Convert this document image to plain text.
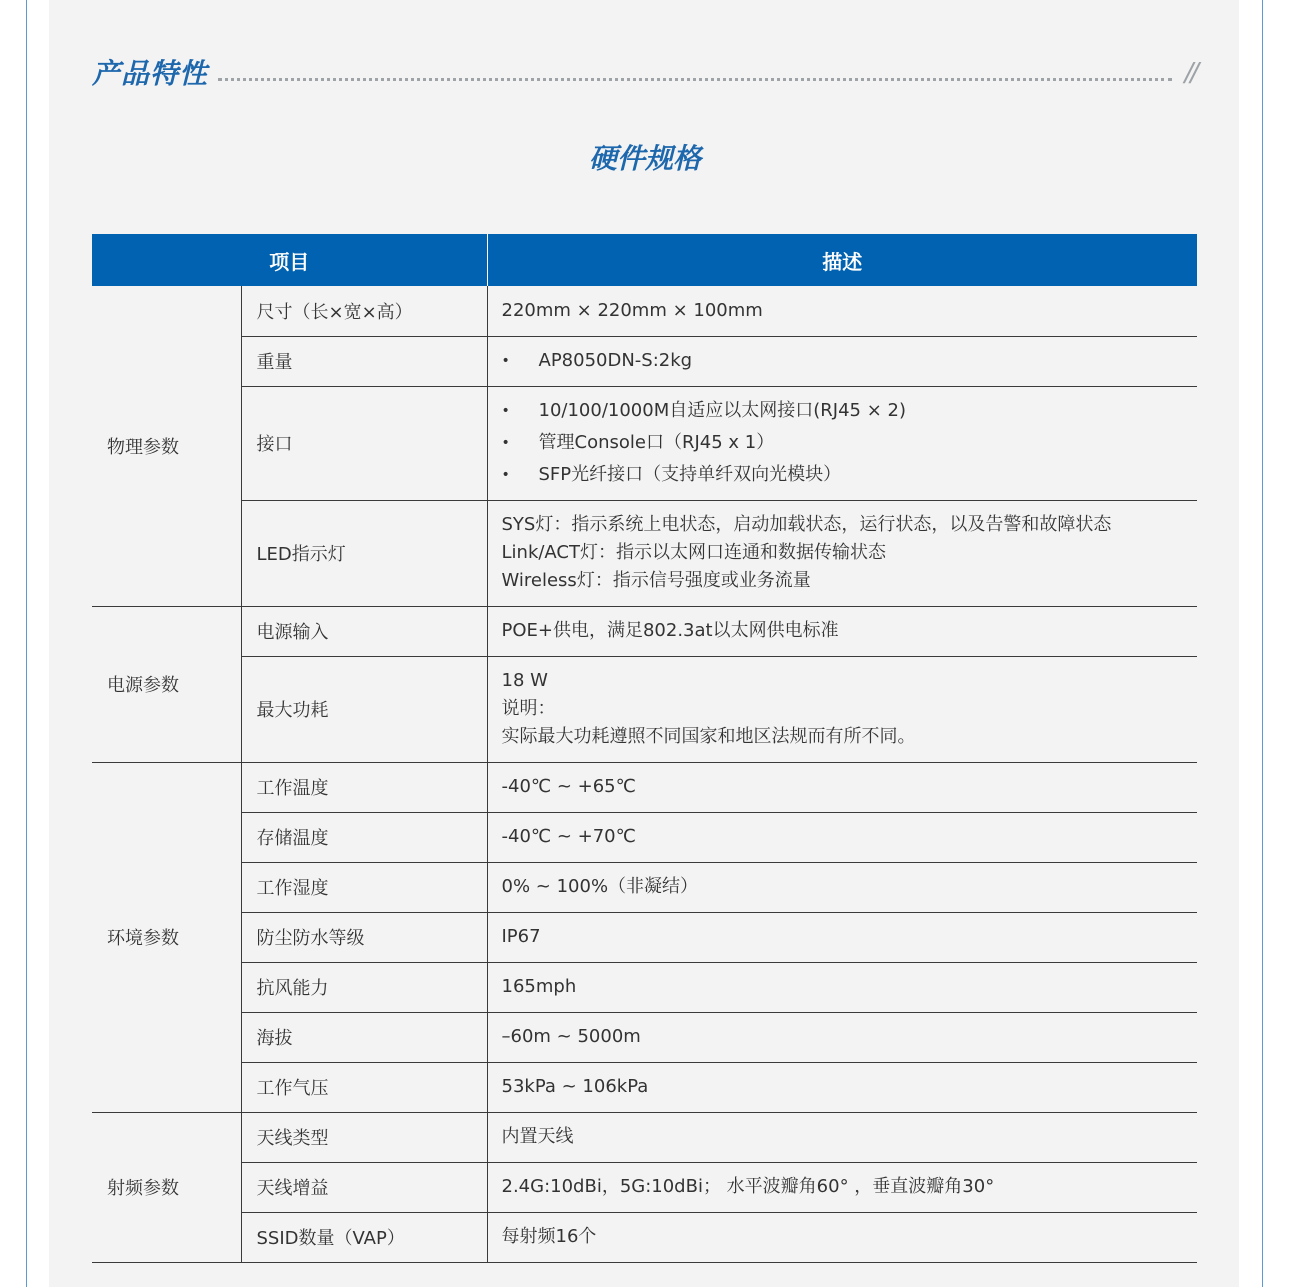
产品特性	//
硬件规格
项目		描述
物理参数	尺寸（长×宽×高）	220mm × 220mm × 100mm

	重量	• AP8050DN-S:2kg

	接口	• 10/100/1000M自适应以太网接口(RJ45 × 2)
• 管理Console口（RJ45 x 1）
• SFP光纤接口（支持单纤双向光模块）

	LED指示灯	SYS灯：指示系统上电状态，启动加载状态，运行状态，以及告警和故障状态
Link/ACT灯：指示以太网口连通和数据传输状态
Wireless灯：指示信号强度或业务流量

电源参数	电源输入	POE+供电，满足802.3at以太网供电标准

	最大功耗	18 W
说明：
实际最大功耗遵照不同国家和地区法规而有所不同。

环境参数	工作温度	-40℃ ~ +65℃

	存储温度	-40℃ ~ +70℃

	工作湿度	0% ~ 100%（非凝结）

	防尘防水等级	IP67

	抗风能力	165mph

	海拔	–60m ~ 5000m

	工作气压	53kPa ~ 106kPa

射频参数	天线类型	内置天线

	天线增益	2.4G:10dBi，5G:10dBi； 水平波瓣角60° ，垂直波瓣角30°

	SSID数量（VAP）	每射频16个
